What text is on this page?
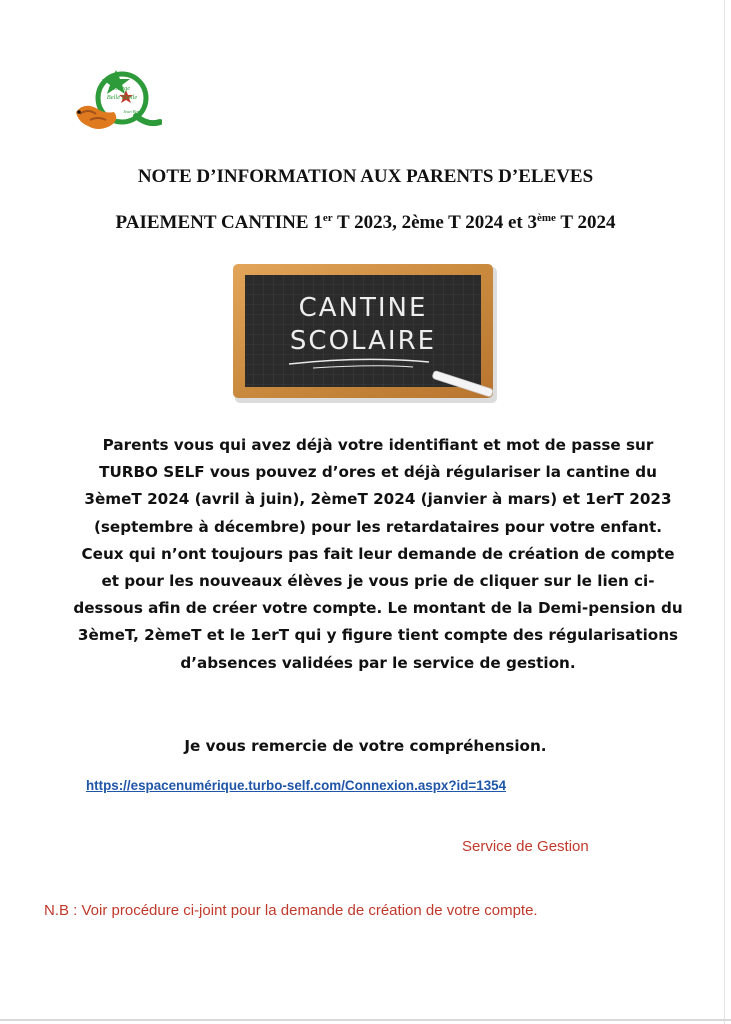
Collège
Belle Etoile
Jean Bart
NOTE D’INFORMATION AUX PARENTS D’ELEVES
PAIEMENT CANTINE 1er T 2023, 2ème T 2024 et 3ème T 2024
CANTINE
SCOLAIRE
Parents vous qui avez déjà votre identifiant et mot de passe sur TURBO SELF vous pouvez d’ores et déjà régulariser la cantine du 3èmeT 2024 (avril à juin), 2èmeT 2024 (janvier à mars) et 1erT 2023 (septembre à décembre) pour les retardataires pour votre enfant. Ceux qui n’ont toujours pas fait leur demande de création de compte et pour les nouveaux élèves je vous prie de cliquer sur le lien ci-dessous afin de créer votre compte. Le montant de la Demi-pension du 3èmeT, 2èmeT et le 1erT qui y figure tient compte des régularisations d’absences validées par le service de gestion.
Je vous remercie de votre compréhension.
https://espacenumérique.turbo-self.com/Connexion.aspx?id=1354
Service de Gestion
N.B : Voir procédure ci-joint pour la demande de création de votre compte.
